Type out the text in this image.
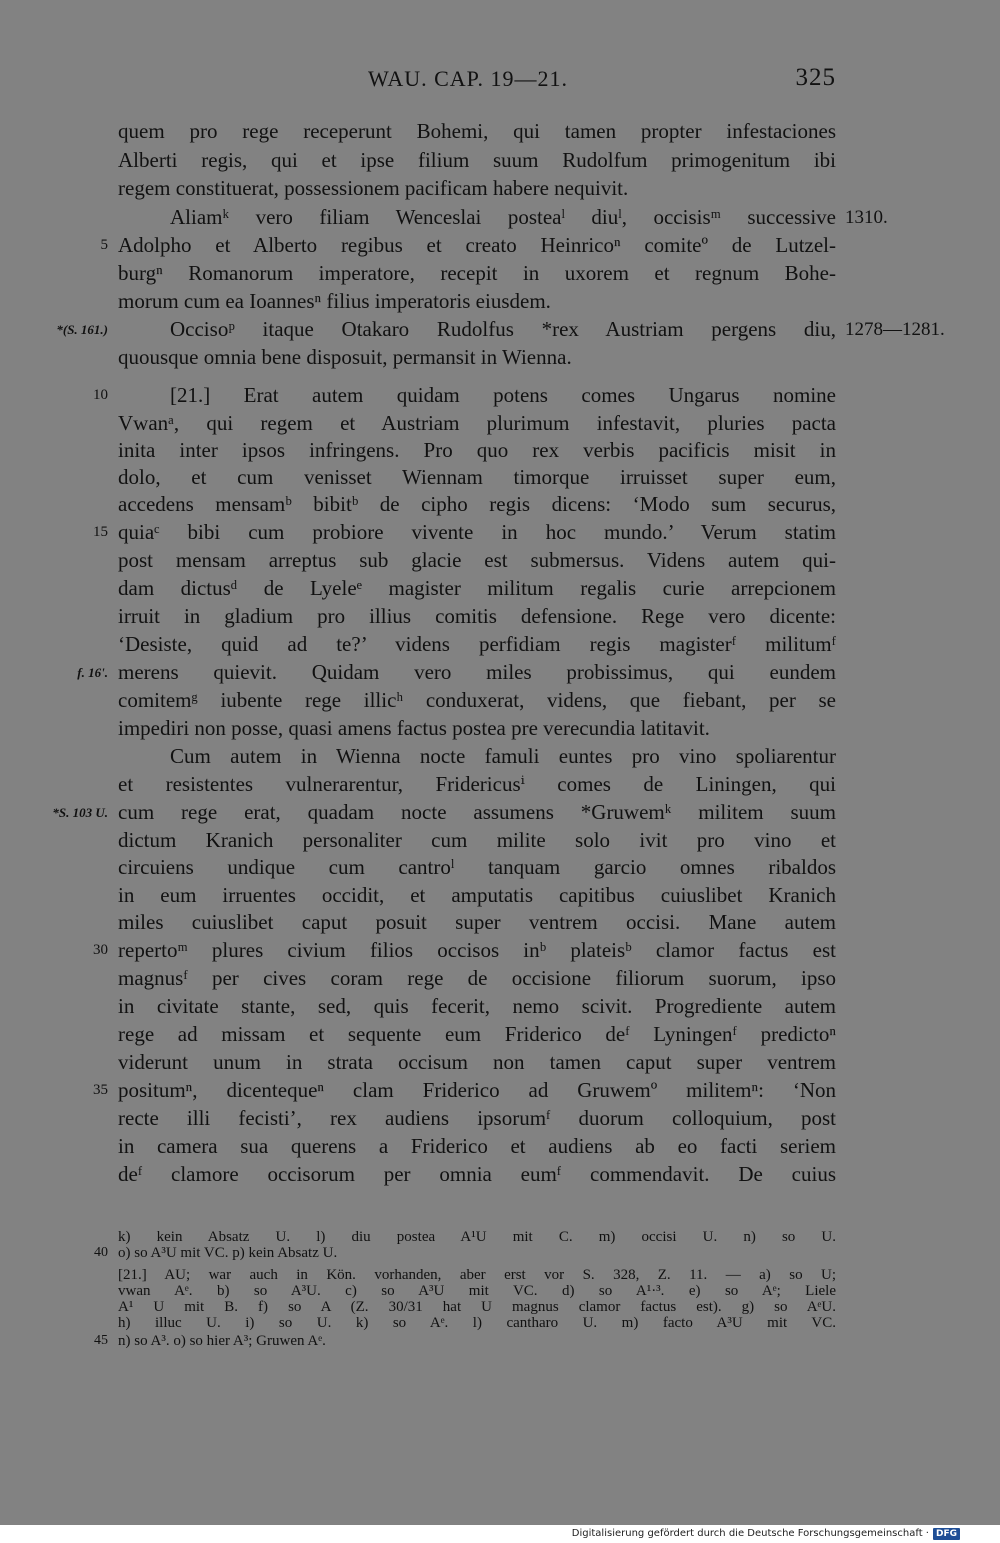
WAU. CAP. 19—21.	325
quem pro rege receperunt Bohemi, qui tamen propter infestaciones
Alberti regis, qui et ipse filium suum Rudolfum primogenitum ibi
regem constituerat, possessionem pacificam habere nequivit.
Aliamᵏ vero filiam Wenceslai posteaˡ diuˡ, occisisᵐ successive
Adolpho et Alberto regibus et creato Heinricoⁿ comiteº de Lutzel-
burgⁿ Romanorum imperatore, recepit in uxorem et regnum Bohe-
morum cum ea Ioannesⁿ filius imperatoris eiusdem.
Occisoᵖ itaque Otakaro Rudolfus *rex Austriam pergens diu,
quousque omnia bene disposuit, permansit in Wienna.
[21.] Erat autem quidam potens comes Ungarus nomine
Vwanᵃ, qui regem et Austriam plurimum infestavit, pluries pacta
inita inter ipsos infringens. Pro quo rex verbis pacificis misit in
dolo, et cum venisset Wiennam timorque irruisset super eum,
accedens mensamᵇ bibitᵇ de cipho regis dicens: ‘Modo sum securus,
quiaᶜ bibi cum probiore vivente in hoc mundo.’ Verum statim
post mensam arreptus sub glacie est submersus. Videns autem qui-
dam dictusᵈ de Lyeleᵉ magister militum regalis curie arrepcionem
irruit in gladium pro illius comitis defensione. Rege vero dicente:
‘Desiste, quid ad te?’ videns perfidiam regis magisterᶠ militumᶠ
merens quievit. Quidam vero miles probissimus, qui eundem
comitemᵍ iubente rege illicʰ conduxerat, videns, que fiebant, per se
impediri non posse, quasi amens factus postea pre verecundia latitavit.
Cum autem in Wienna nocte famuli euntes pro vino spoliarentur
et resistentes vulnerarentur, Fridericusⁱ comes de Liningen, qui
cum rege erat, quadam nocte assumens *Gruwemᵏ militem suum
dictum Kranich personaliter cum milite solo ivit pro vino et
circuiens undique cum cantroˡ tanquam garcio omnes ribaldos
in eum irruentes occidit, et amputatis capitibus cuiuslibet Kranich
miles cuiuslibet caput posuit super ventrem occisi. Mane autem
repertoᵐ plures civium filios occisos inᵇ plateisᵇ clamor factus est
magnusᶠ per cives coram rege de occisione filiorum suorum, ipso
in civitate stante, sed, quis fecerit, nemo scivit. Progrediente autem
rege ad missam et sequente eum Friderico deᶠ Lyningenᶠ predictoⁿ
viderunt unum in strata occisum non tamen caput super ventrem
positumⁿ, dicentequeⁿ clam Friderico ad Gruwemº militemⁿ: ‘Non
recte illi fecisti’, rex audiens ipsorumᶠ duorum colloquium, post
in camera sua querens a Friderico et audiens ab eo facti seriem
deᶠ clamore occisorum per omnia eumᶠ commendavit. De cuius
5
10
15
30
35
*(S. 161.)
f. 16'.
*S. 103 U.
1310.
1278—1281.
k) kein Absatz U. l) diu postea A¹U mit C. m) occisi U. n) so U.
o) so A³U mit VC. p) kein Absatz U.
[21.] AU; war auch in Kön. vorhanden, aber erst vor S. 328, Z. 11. — a) so U;
vwan Aᵉ. b) so A³U. c) so A³U mit VC. d) so A¹·³. e) so Aᵉ; Liele
A¹ U mit B. f) so A (Z. 30/31 hat U magnus clamor factus est). g) so AᵉU.
h) illuc U. i) so U. k) so Aᵉ. l) cantharo U. m) facto A³U mit VC.
n) so A³. o) so hier A³; Gruwen Aᵉ.
40
45
Digitalisierung gefördert durch die Deutsche Forschungsgemeinschaft · DFG
